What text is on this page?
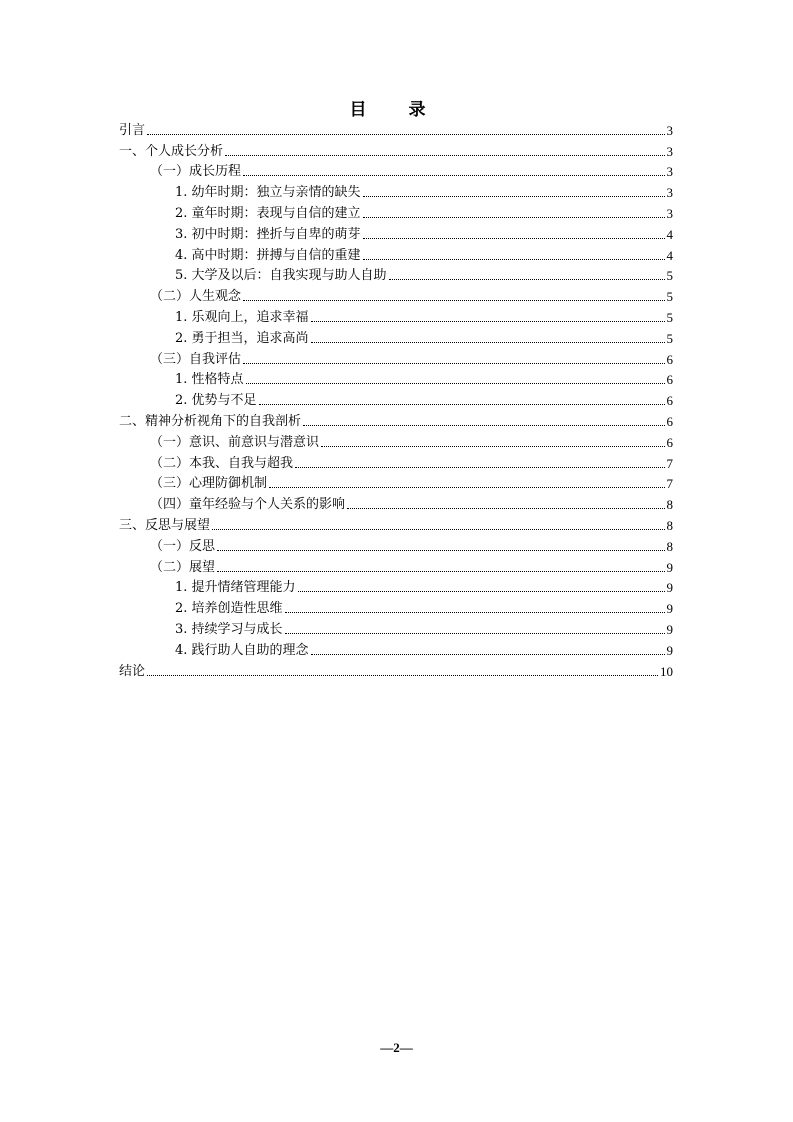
目 录
引言	3
一、个人成长分析	3
（一）成长历程	3
1. 幼年时期：独立与亲情的缺失	3
2. 童年时期：表现与自信的建立	3
3. 初中时期：挫折与自卑的萌芽	4
4. 高中时期：拼搏与自信的重建	4
5. 大学及以后：自我实现与助人自助	5
（二）人生观念	5
1. 乐观向上，追求幸福	5
2. 勇于担当，追求高尚	5
（三）自我评估	6
1. 性格特点	6
2. 优势与不足	6
二、精神分析视角下的自我剖析	6
（一）意识、前意识与潜意识	6
（二）本我、自我与超我	7
（三）心理防御机制	7
（四）童年经验与个人关系的影响	8
三、反思与展望	8
（一）反思	8
（二）展望	9
1. 提升情绪管理能力	9
2. 培养创造性思维	9
3. 持续学习与成长	9
4. 践行助人自助的理念	9
结论	10
—2—
